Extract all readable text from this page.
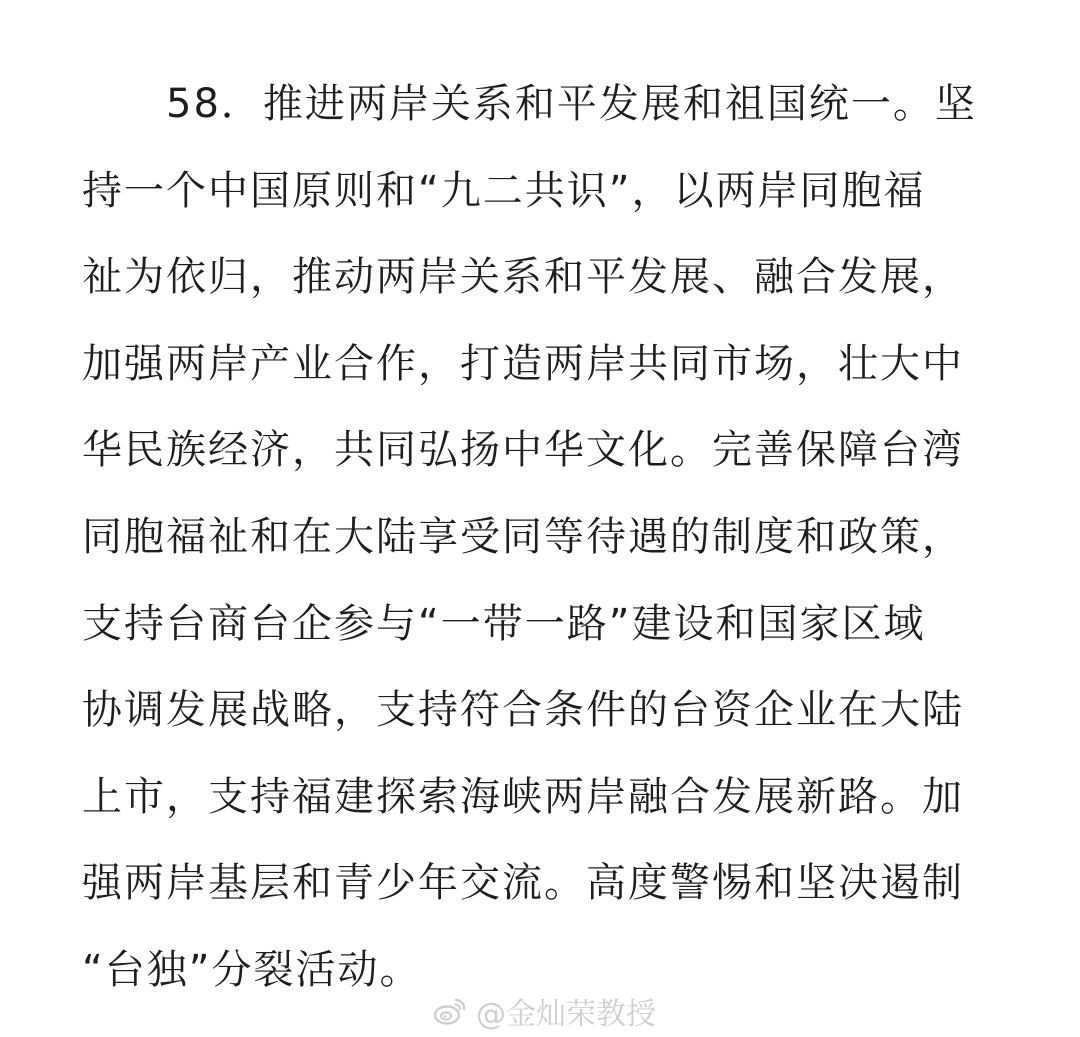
58．推进两岸关系和平发展和祖国统一。坚
持一个中国原则和“九二共识”，以两岸同胞福
祉为依归，推动两岸关系和平发展、融合发展，
加强两岸产业合作，打造两岸共同市场，壮大中
华民族经济，共同弘扬中华文化。完善保障台湾
同胞福祉和在大陆享受同等待遇的制度和政策，
支持台商台企参与“一带一路”建设和国家区域
协调发展战略，支持符合条件的台资企业在大陆
上市，支持福建探索海峡两岸融合发展新路。加
强两岸基层和青少年交流。高度警惕和坚决遏制
“台独”分裂活动。
@金灿荣教授
